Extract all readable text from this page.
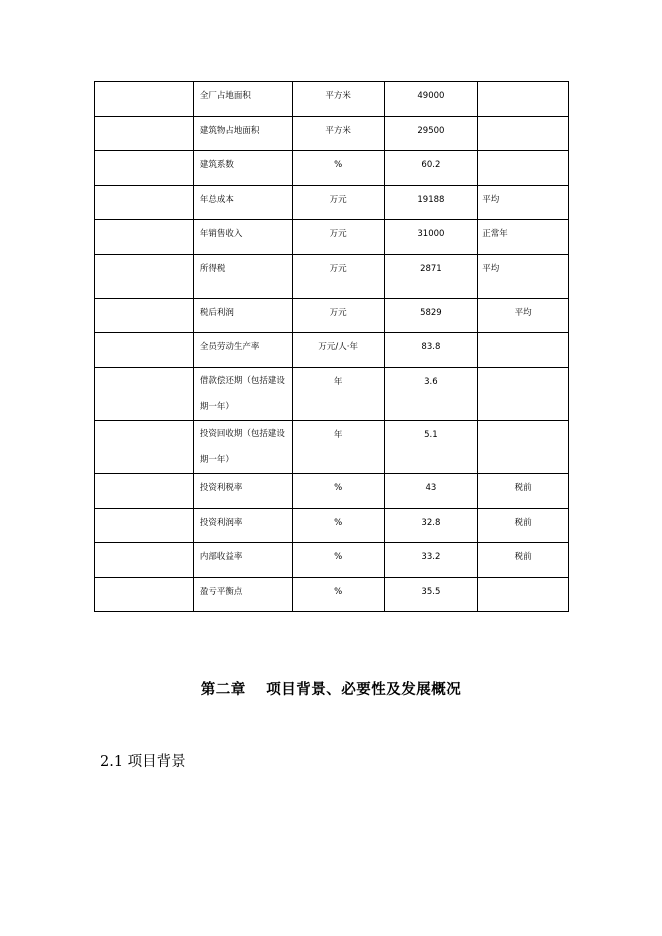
	全厂占地面积	平方米	49000	

	建筑物占地面积	平方米	29500	

	建筑系数	%	60.2	

	年总成本	万元	19188	平均

	年销售收入	万元	31000	正常年

	所得税	万元	2871	平均

	税后利润	万元	5829	平均

	全员劳动生产率	万元/人·年	83.8	

	借款偿还期（包括建设期一年）	年	3.6	

	投资回收期（包括建设期一年）	年	5.1	

	投资利税率	%	43	税前

	投资利润率	%	32.8	税前

	内部收益率	%	33.2	税前

	盈亏平衡点	%	35.5	

第二章　 项目背景、必要性及发展概况
2.1 项目背景
